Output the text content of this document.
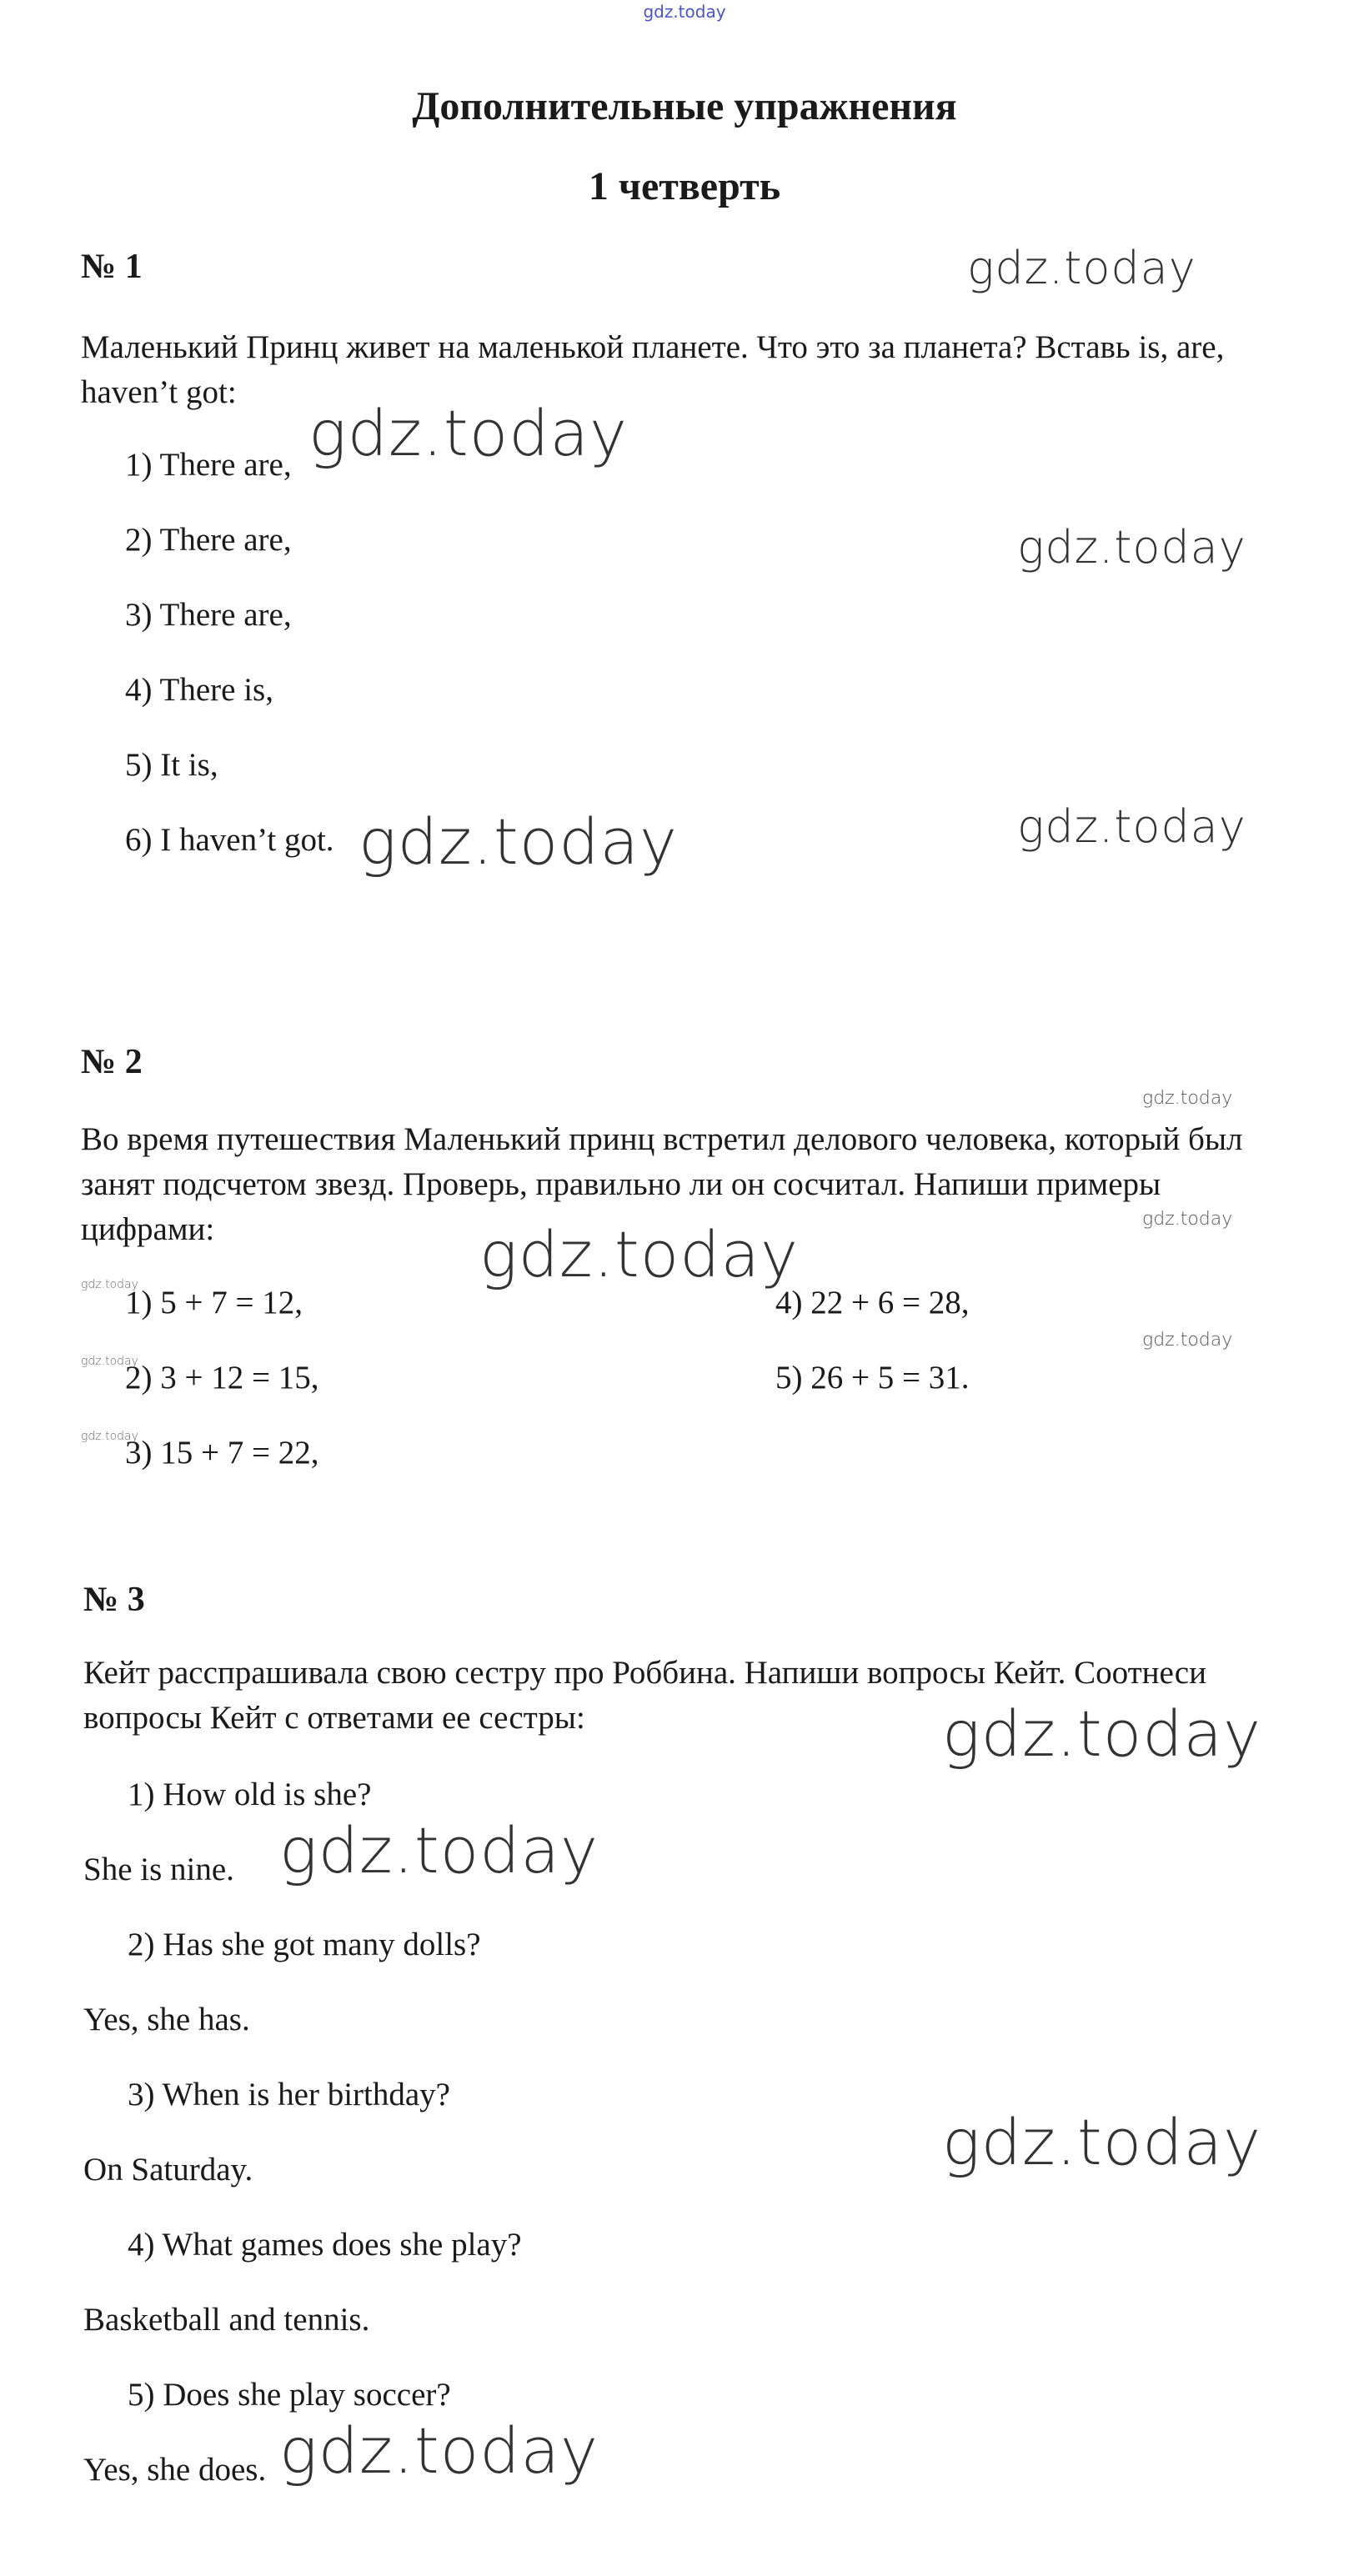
gdz.today
Дополнительные упражнения
1 четверть
№ 1
Маленький Принц живет на маленькой планете. Что это за планета? Вставь is, are, haven’t got:
1) There are,
2) There are,
3) There are,
4) There is,
5) It is,
6) I haven’t got.
№ 2
Во время путешествия Маленький принц встретил делового человека, который был занят подсчетом звезд. Проверь, правильно ли он сосчитал. Напиши примеры цифрами:
1) 5 + 7 = 12,
2) 3 + 12 = 15,
3) 15 + 7 = 22,
4) 22 + 6 = 28,
5) 26 + 5 = 31.
№ 3
Кейт расспрашивала свою сестру про Роббина. Напиши вопросы Кейт. Соотнеси вопросы Кейт с ответами ее сестры:
1) How old is she?
She is nine.
2) Has she got many dolls?
Yes, she has.
3) When is her birthday?
On Saturday.
4) What games does she play?
Basketball and tennis.
5) Does she play soccer?
Yes, she does.
gdz.today
gdz.today
gdz.today
gdz.today	gdz.today
gdz.today
gdz.today
gdz.today
gdz.today
gdz.today
gdz.today
gdz.today
gdz.today
gdz.today
gdz.today
gdz.today
